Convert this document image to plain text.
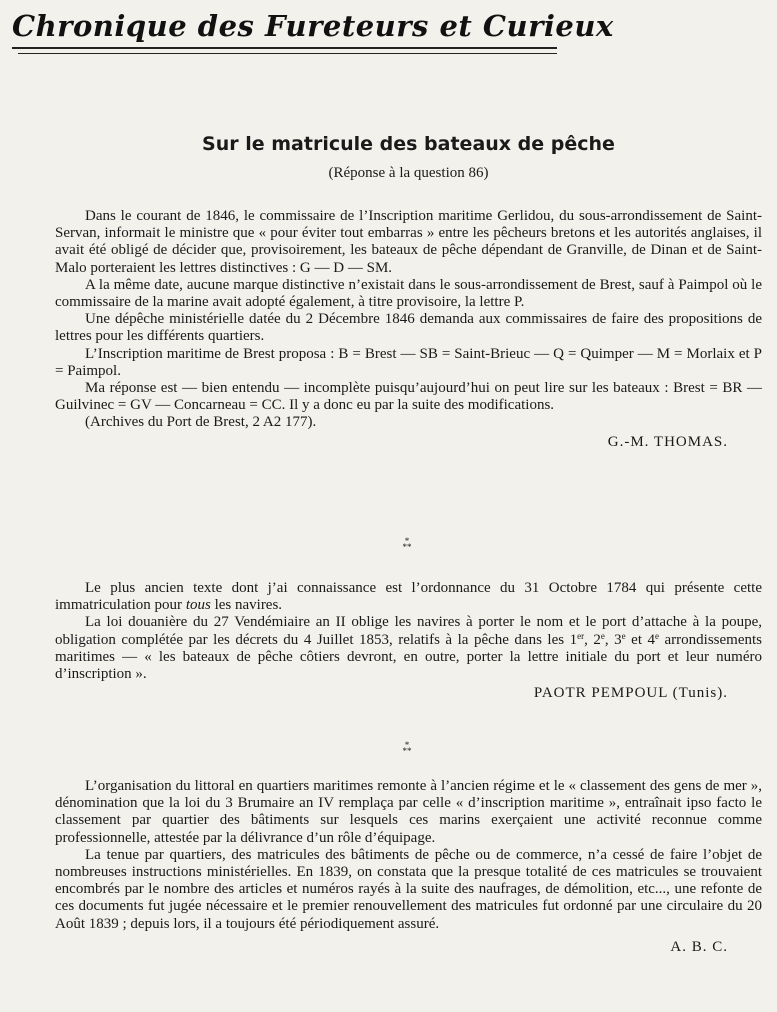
Chronique des Fureteurs et Curieux
Sur le matricule des bateaux de pêche
(Réponse à la question 86)

Dans le courant de 1846, le commissaire de l’Inscription maritime Gerlidou, du sous-arrondissement de Saint-Servan, informait le ministre que « pour éviter tout embarras » entre les pêcheurs bretons et les autorités anglaises, il avait été obligé de décider que, provisoirement, les bateaux de pêche dépendant de Granville, de Dinan et de Saint-Malo porteraient les lettres distinctives : G — D — SM.

A la même date, aucune marque distinctive n’existait dans le sous-arrondissement de Brest, sauf à Paimpol où le commissaire de la marine avait adopté également, à titre provisoire, la lettre P.

Une dépêche ministérielle datée du 2 Décembre 1846 demanda aux commissaires de faire des propositions de lettres pour les différents quartiers.

L’Inscription maritime de Brest proposa : B = Brest — SB = Saint-Brieuc — Q = Quimper — M = Morlaix et P = Paimpol.

Ma réponse est — bien entendu — incomplète puisqu’aujourd’hui on peut lire sur les bateaux : Brest = BR — Guilvinec = GV — Concarneau = CC. Il y a donc eu par la suite des modifications.

(Archives du Port de Brest, 2 A2 177).

G.-M. THOMAS.
*
**

Le plus ancien texte dont j’ai connaissance est l’ordonnance du 31 Octobre 1784 qui présente cette immatriculation pour tous les navires.

La loi douanière du 27 Vendémiaire an II oblige les navires à porter le nom et le port d’attache à la poupe, obligation complétée par les décrets du 4 Juillet 1853, relatifs à la pêche dans les 1er, 2e, 3e et 4e arrondissements maritimes — « les bateaux de pêche côtiers devront, en outre, porter la lettre initiale du port et leur numéro d’inscription ».

PAOTR PEMPOUL (Tunis).
*
**

L’organisation du littoral en quartiers maritimes remonte à l’ancien régime et le « classement des gens de mer », dénomination que la loi du 3 Brumaire an IV remplaça par celle « d’inscription maritime », entraînait ipso facto le classement par quartier des bâtiments sur lesquels ces marins exerçaient une activité reconnue comme professionnelle, attestée par la délivrance d’un rôle d’équipage.

La tenue par quartiers, des matricules des bâtiments de pêche ou de commerce, n’a cessé de faire l’objet de nombreuses instructions ministérielles. En 1839, on constata que la presque totalité de ces matricules se trouvaient encombrés par le nombre des articles et numéros rayés à la suite des naufrages, de démolition, etc..., une refonte de ces documents fut jugée nécessaire et le premier renouvellement des matricules fut ordonné par une circulaire du 20 Août 1839 ; depuis lors, il a toujours été périodiquement assuré.

A. B. C.
